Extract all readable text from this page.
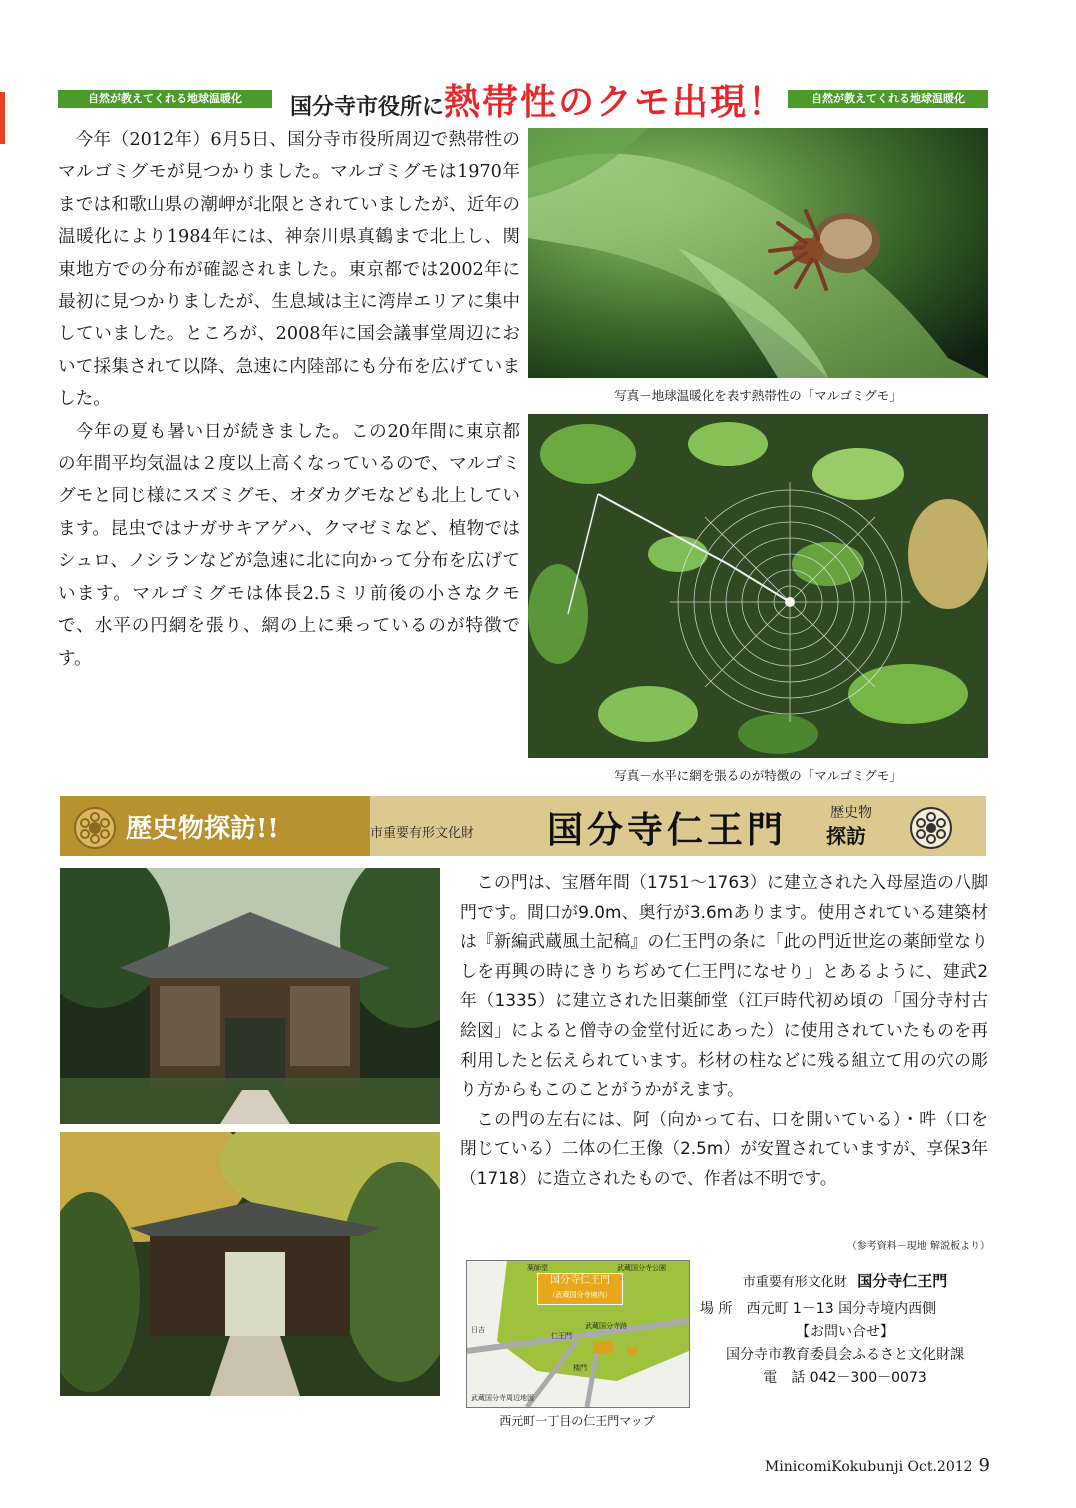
自然が教えてくれる地球温暖化	自然が教えてくれる地球温暖化
国分寺市役所に熱帯性のクモ出現！

今年（2012年）6月5日、国分寺市役所周辺で熱帯性のマルゴミグモが見つかりました。マルゴミグモは1970年までは和歌山県の潮岬が北限とされていましたが、近年の温暖化により1984年には、神奈川県真鶴まで北上し、関東地方での分布が確認されました。東京都では2002年に最初に見つかりましたが、生息域は主に湾岸エリアに集中していました。ところが、2008年に国会議事堂周辺において採集されて以降、急速に内陸部にも分布を広げていました。

今年の夏も暑い日が続きました。この20年間に東京都の年間平均気温は２度以上高くなっているので、マルゴミグモと同じ様にスズミグモ、オダカグモなども北上しています。昆虫ではナガサキアゲハ、クマゼミなど、植物ではシュロ、ノシランなどが急速に北に向かって分布を広げています。マルゴミグモは体長2.5ミリ前後の小さなクモで、水平の円網を張り、網の上に乗っているのが特徴です。

写真－地球温暖化を表す熱帯性の「マルゴミグモ」
写真－水平に網を張るのが特徴の「マルゴミグモ」
歴史物探訪!!	市重要有形文化財 国分寺仁王門	歴史物
探訪

この門は、宝暦年間（1751～1763）に建立された入母屋造の八脚門です。間口が9.0m、奥行が3.6mあります。使用されている建築材は『新編武蔵風土記稿』の仁王門の条に「此の門近世迄の薬師堂なりしを再興の時にきりちぢめて仁王門になせり」とあるように、建武2年（1335）に建立された旧薬師堂（江戸時代初め頃の「国分寺村古絵図」によると僧寺の金堂付近にあった）に使用されていたものを再利用したと伝えられています。杉材の柱などに残る組立て用の穴の彫り方からもこのことがうかがえます。

この門の左右には、阿（向かって右、口を開いている）・吽（口を閉じている）二体の仁王像（2.5m）が安置されていますが、享保3年（1718）に造立されたもので、作者は不明です。

（参考資料－現地 解説板より）
国分寺仁王門
（武蔵国分寺境内）
薬師堂	武蔵国分寺公園
仁王門
楼門
武蔵国分寺跡
日吉
武蔵国分寺周辺地図
西元町一丁目の仁王門マップ
市重要有形文化財 国分寺仁王門
場 所　西元町 1－13 国分寺境内西側
【お問い合せ】
国分寺市教育委員会ふるさと文化財課
電　話 042－300－0073
MinicomiKokubunji Oct.2012 9
